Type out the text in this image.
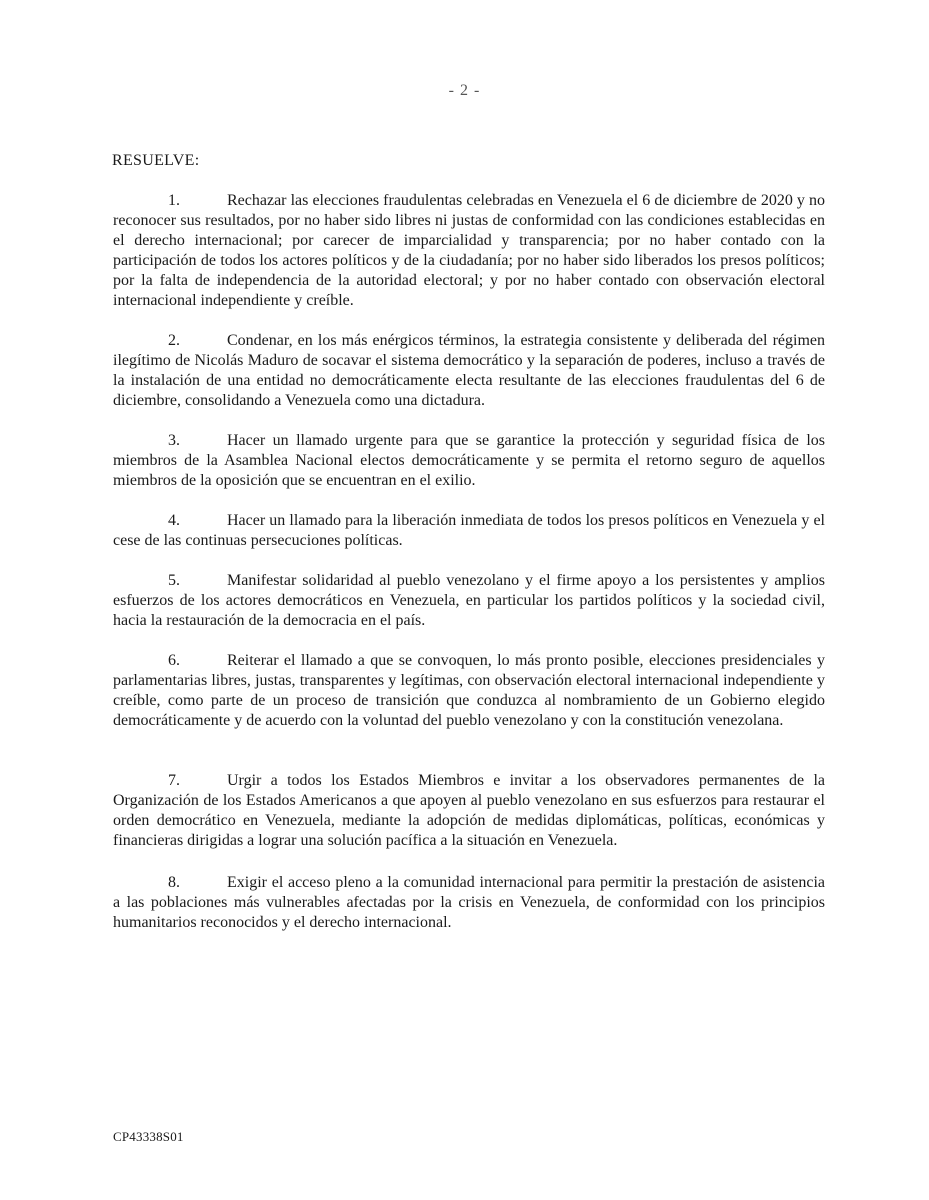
- 2 -
RESUELVE:

1.	Rechazar las elecciones fraudulentas celebradas en Venezuela el 6 de diciembre de 2020 y no reconocer sus resultados, por no haber sido libres ni justas de conformidad con las condiciones establecidas en el derecho internacional; por carecer de imparcialidad y transparencia; por no haber contado con la participación de todos los actores políticos y de la ciudadanía; por no haber sido liberados los presos políticos; por la falta de independencia de la autoridad electoral; y por no haber contado con observación electoral internacional independiente y creíble.

2.	Condenar, en los más enérgicos términos, la estrategia consistente y deliberada del régimen ilegítimo de Nicolás Maduro de socavar el sistema democrático y la separación de poderes, incluso a través de la instalación de una entidad no democráticamente electa resultante de las elecciones fraudulentas del 6 de diciembre, consolidando a Venezuela como una dictadura.

3.	Hacer un llamado urgente para que se garantice la protección y seguridad física de los miembros de la Asamblea Nacional electos democráticamente y se permita el retorno seguro de aquellos miembros de la oposición que se encuentran en el exilio.

4.	Hacer un llamado para la liberación inmediata de todos los presos políticos en Venezuela y el cese de las continuas persecuciones políticas.

5.	Manifestar solidaridad al pueblo venezolano y el firme apoyo a los persistentes y amplios esfuerzos de los actores democráticos en Venezuela, en particular los partidos políticos y la sociedad civil, hacia la restauración de la democracia en el país.

6.	Reiterar el llamado a que se convoquen, lo más pronto posible, elecciones presidenciales y parlamentarias libres, justas, transparentes y legítimas, con observación electoral internacional independiente y creíble, como parte de un proceso de transición que conduzca al nombramiento de un Gobierno elegido democráticamente y de acuerdo con la voluntad del pueblo venezolano y con la constitución venezolana.

7.	Urgir a todos los Estados Miembros e invitar a los observadores permanentes de la Organización de los Estados Americanos a que apoyen al pueblo venezolano en sus esfuerzos para restaurar el orden democrático en Venezuela, mediante la adopción de medidas diplomáticas, políticas, económicas y financieras dirigidas a lograr una solución pacífica a la situación en Venezuela.

8.	Exigir el acceso pleno a la comunidad internacional para permitir la prestación de asistencia a las poblaciones más vulnerables afectadas por la crisis en Venezuela, de conformidad con los principios humanitarios reconocidos y el derecho internacional.

CP43338S01
